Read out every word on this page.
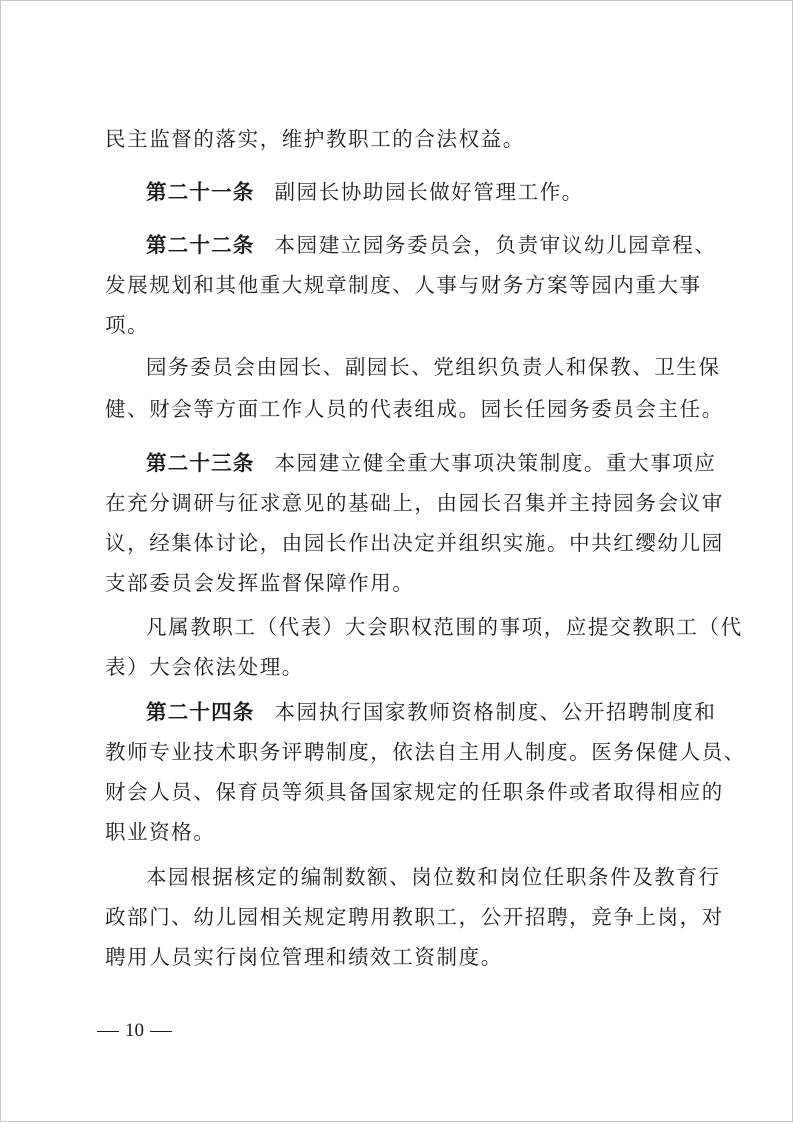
民主监督的落实，维护教职工的合法权益。
第二十一条 副园长协助园长做好管理工作。
第二十二条 本园建立园务委员会，负责审议幼儿园章程、
发展规划和其他重大规章制度、人事与财务方案等园内重大事
项。
园务委员会由园长、副园长、党组织负责人和保教、卫生保
健、财会等方面工作人员的代表组成。园长任园务委员会主任。
第二十三条 本园建立健全重大事项决策制度。重大事项应
在充分调研与征求意见的基础上，由园长召集并主持园务会议审
议，经集体讨论，由园长作出决定并组织实施。中共红缨幼儿园
支部委员会发挥监督保障作用。
凡属教职工（代表）大会职权范围的事项，应提交教职工（代
表）大会依法处理。
第二十四条 本园执行国家教师资格制度、公开招聘制度和
教师专业技术职务评聘制度，依法自主用人制度。医务保健人员、
财会人员、保育员等须具备国家规定的任职条件或者取得相应的
职业资格。
本园根据核定的编制数额、岗位数和岗位任职条件及教育行
政部门、幼儿园相关规定聘用教职工，公开招聘，竞争上岗，对
聘用人员实行岗位管理和绩效工资制度。
10
